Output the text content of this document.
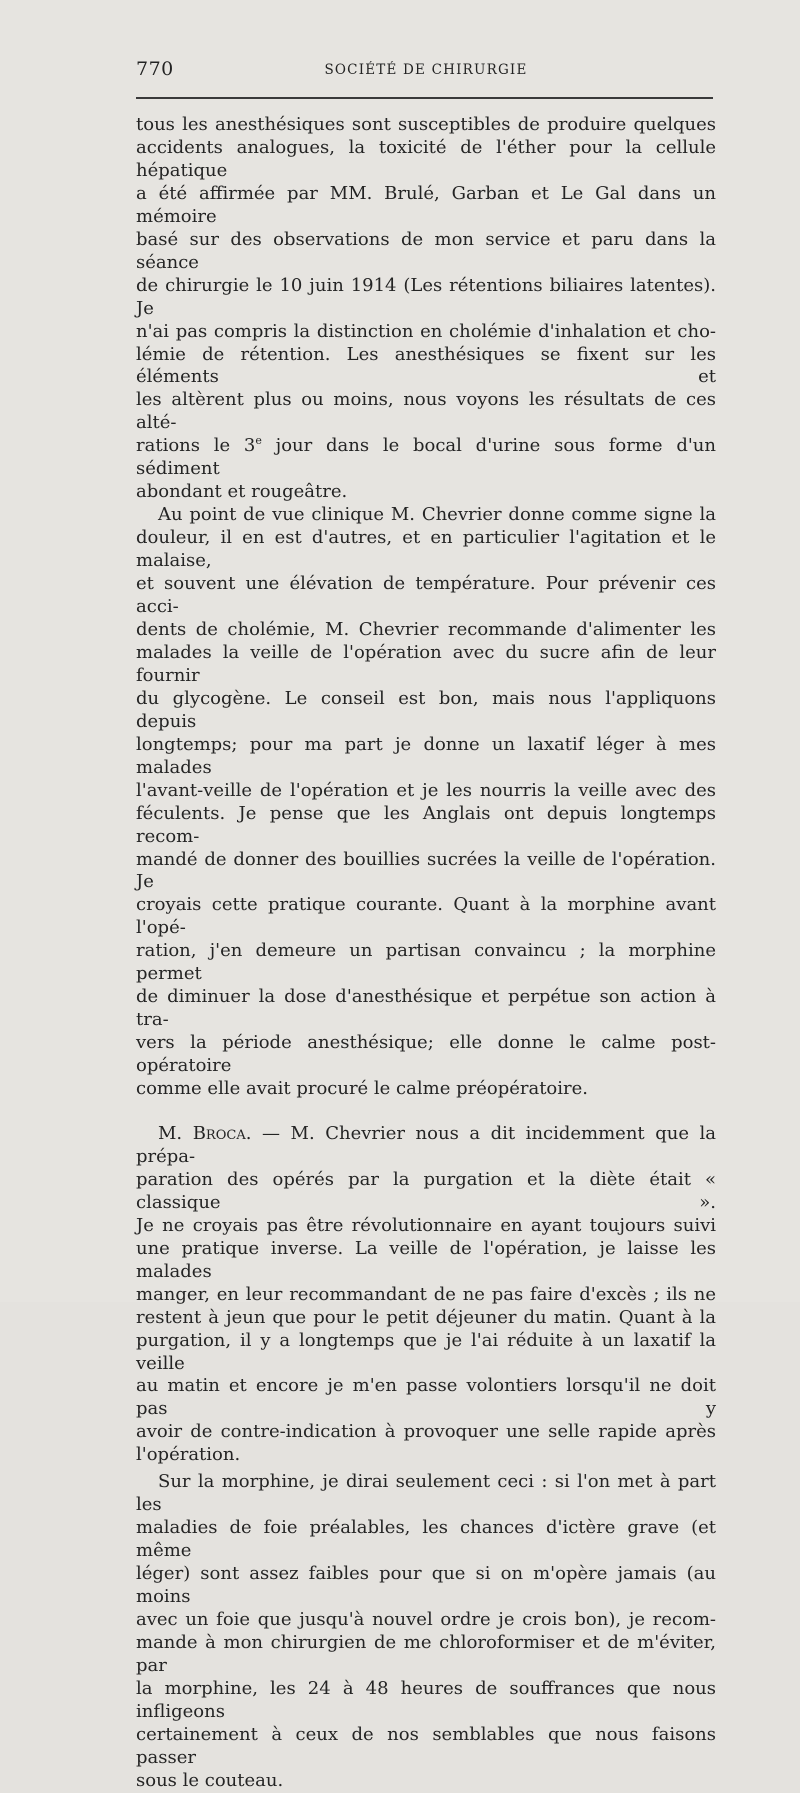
770	SOCIÉTÉ DE CHIRURGIE

tous les anesthésiques sont susceptibles de produire quelques
accidents analogues, la toxicité de l'éther pour la cellule hépatique
a été affirmée par MM. Brulé, Garban et Le Gal dans un mémoire
basé sur des observations de mon service et paru dans la séance
de chirurgie le 10 juin 1914 (Les rétentions biliaires latentes). Je
n'ai pas compris la distinction en cholémie d'inhalation et cho-
lémie de rétention. Les anesthésiques se fixent sur les éléments et
les altèrent plus ou moins, nous voyons les résultats de ces alté-
rations le 3e jour dans le bocal d'urine sous forme d'un sédiment
abondant et rougeâtre.

Au point de vue clinique M. Chevrier donne comme signe la
douleur, il en est d'autres, et en particulier l'agitation et le malaise,
et souvent une élévation de température. Pour prévenir ces acci-
dents de cholémie, M. Chevrier recommande d'alimenter les
malades la veille de l'opération avec du sucre afin de leur fournir
du glycogène. Le conseil est bon, mais nous l'appliquons depuis
longtemps; pour ma part je donne un laxatif léger à mes malades
l'avant-veille de l'opération et je les nourris la veille avec des
féculents. Je pense que les Anglais ont depuis longtemps recom-
mandé de donner des bouillies sucrées la veille de l'opération. Je
croyais cette pratique courante. Quant à la morphine avant l'opé-
ration, j'en demeure un partisan convaincu ; la morphine permet
de diminuer la dose d'anesthésique et perpétue son action à tra-
vers la période anesthésique; elle donne le calme post-opératoire
comme elle avait procuré le calme préopératoire.

M. Broca. — M. Chevrier nous a dit incidemment que la prépa-
paration des opérés par la purgation et la diète était « classique ».
Je ne croyais pas être révolutionnaire en ayant toujours suivi
une pratique inverse. La veille de l'opération, je laisse les malades
manger, en leur recommandant de ne pas faire d'excès ; ils ne
restent à jeun que pour le petit déjeuner du matin. Quant à la
purgation, il y a longtemps que je l'ai réduite à un laxatif la veille
au matin et encore je m'en passe volontiers lorsqu'il ne doit pas y
avoir de contre-indication à provoquer une selle rapide après
l'opération.

Sur la morphine, je dirai seulement ceci : si l'on met à part les
maladies de foie préalables, les chances d'ictère grave (et même
léger) sont assez faibles pour que si on m'opère jamais (au moins
avec un foie que jusqu'à nouvel ordre je crois bon), je recom-
mande à mon chirurgien de me chloroformiser et de m'éviter, par
la morphine, les 24 à 48 heures de souffrances que nous infligeons
certainement à ceux de nos semblables que nous faisons passer
sous le couteau.
